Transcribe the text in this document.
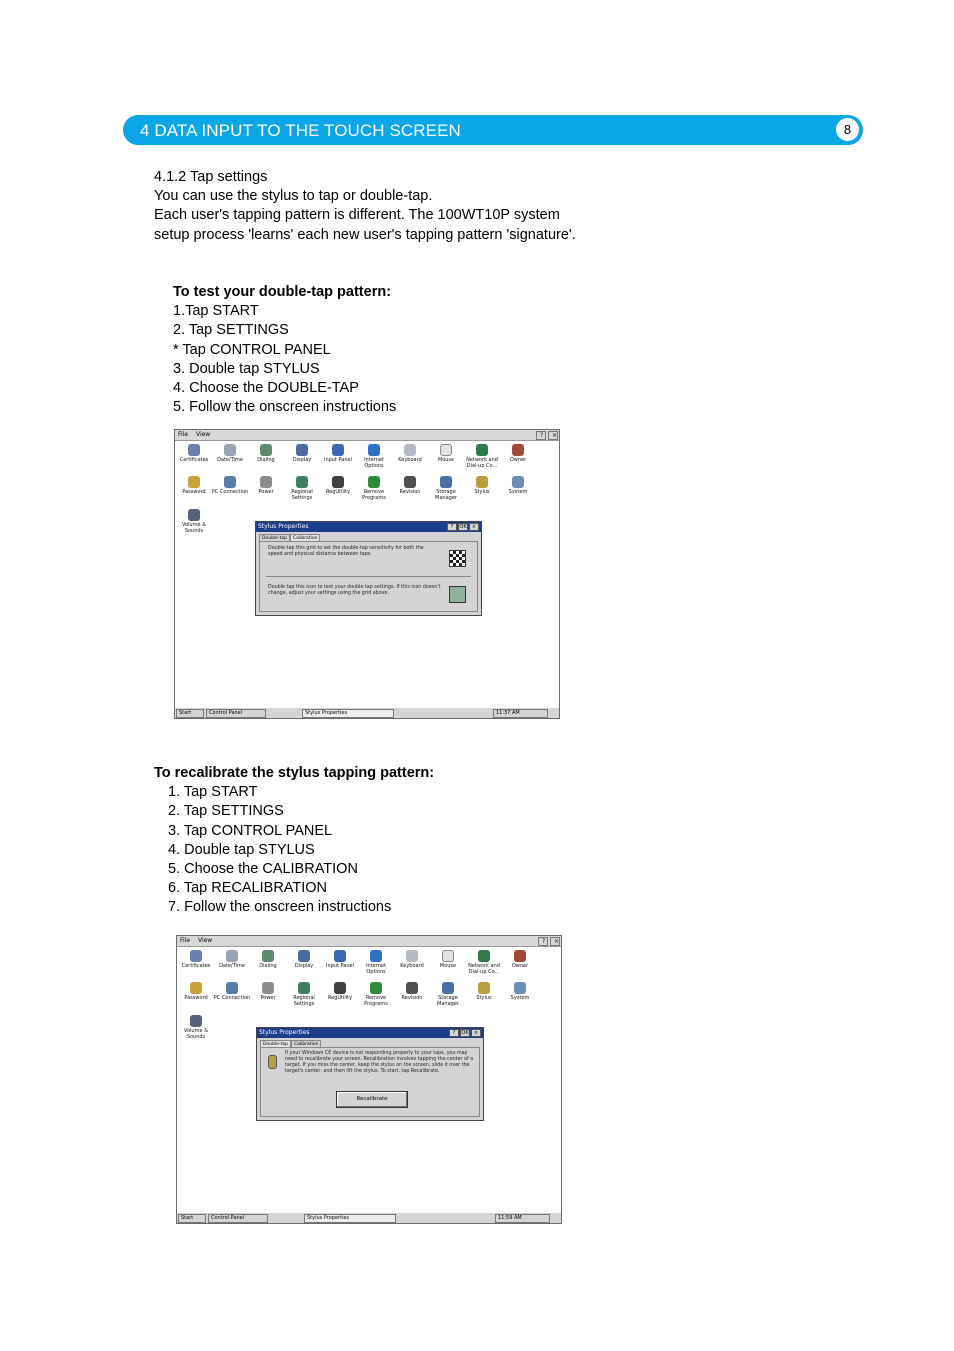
4 DATA INPUT TO THE TOUCH SCREEN	8
4.1.2 Tap settings
You can use the stylus to tap or double-tap.
Each user's tapping pattern is different. The 100WT10P system
setup process 'learns' each new user's tapping pattern 'signature'.
To test your double-tap pattern:
1.Tap START
2. Tap SETTINGS
* Tap CONTROL PANEL
3. Double tap STYLUS
4. Choose the DOUBLE-TAP
5. Follow the onscreen instructions
File View	?	×
Certificates	Date/Time	Dialing	Display	Input Panel	Internet Options
Keyboard	Mouse	Network and Dial-up Co...
Owner
Password	PC Connection	Power	Regional Settings
RegUtility	Remove Programs
Revision	Storage Manager
Stylus	System
Volume & Sounds
Stylus Properties	?	OK	×
Double-tap Calibration
Double-tap this grid to set the double-tap sensitivity for both the speed and physical distance between taps.
Double tap this icon to test your double tap settings. If this icon doesn't change, adjust your settings using the grid above.
Start	Control Panel	Stylus Properties	11:37 AM
To recalibrate the stylus tapping pattern:
1. Tap START
2. Tap SETTINGS
3. Tap CONTROL PANEL
4. Double tap STYLUS
5. Choose the CALIBRATION
6. Tap RECALIBRATION
7. Follow the onscreen instructions
File View	?	×
Certificates	Date/Time	Dialing	Display	Input Panel	Internet Options
Keyboard	Mouse	Network and Dial-up Co...
Owner
Password	PC Connection	Power	Regional Settings
RegUtility	Remove Programs
Revision	Storage Manager
Stylus	System
Volume & Sounds
Stylus Properties	?	OK	×
Double-tap Calibration
If your Windows CE device is not responding properly to your taps, you may need to recalibrate your screen. Recalibration involves tapping the center of a target. If you miss the center, keep the stylus on the screen, slide it over the target's center, and then lift the stylus. To start, tap Recalibrate.
Recalibrate
Start	Control Panel	Stylus Properties	11:59 AM
